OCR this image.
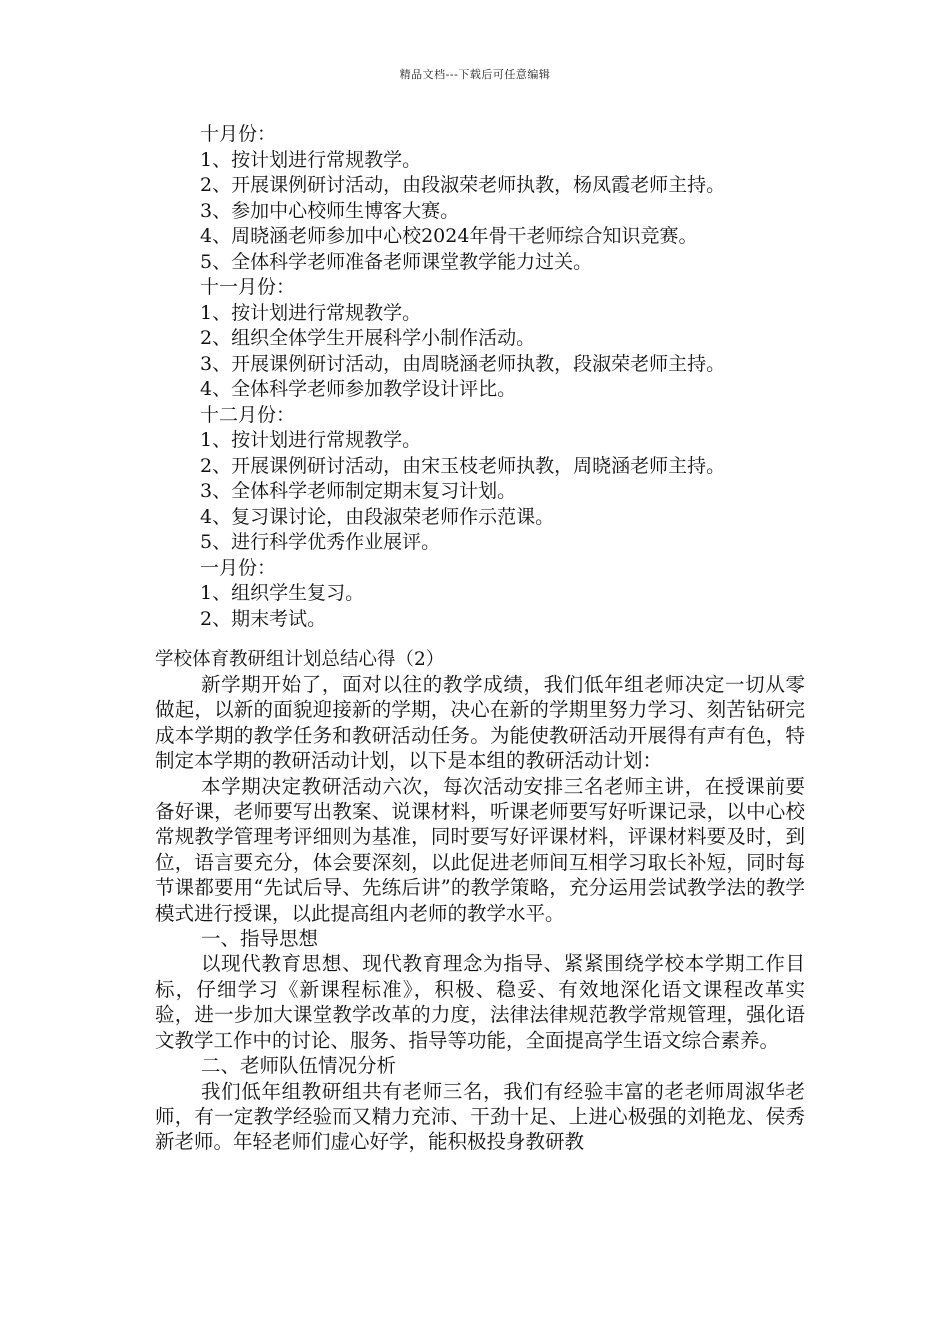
精品文档---下载后可任意编辑
十月份：
1、按计划进行常规教学。
2、开展课例研讨活动，由段淑荣老师执教，杨凤霞老师主持。
3、参加中心校师生博客大赛。
4、周晓涵老师参加中心校2024年骨干老师综合知识竞赛。
5、全体科学老师准备老师课堂教学能力过关。
十一月份：
1、按计划进行常规教学。
2、组织全体学生开展科学小制作活动。
3、开展课例研讨活动，由周晓涵老师执教，段淑荣老师主持。
4、全体科学老师参加教学设计评比。
十二月份：
1、按计划进行常规教学。
2、开展课例研讨活动，由宋玉枝老师执教，周晓涵老师主持。
3、全体科学老师制定期末复习计划。
4、复习课讨论，由段淑荣老师作示范课。
5、进行科学优秀作业展评。
一月份：
1、组织学生复习。
2、期末考试。
学校体育教研组计划总结心得（2）

新学期开始了，面对以往的教学成绩，我们低年组老师决定一切从零做起，以新的面貌迎接新的学期，决心在新的学期里努力学习、刻苦钻研完成本学期的教学任务和教研活动任务。为能使教研活动开展得有声有色，特制定本学期的教研活动计划，以下是本组的教研活动计划：

本学期决定教研活动六次，每次活动安排三名老师主讲，在授课前要备好课，老师要写出教案、说课材料，听课老师要写好听课记录，以中心校常规教学管理考评细则为基准，同时要写好评课材料，评课材料要及时，到位，语言要充分，体会要深刻，以此促进老师间互相学习取长补短，同时每节课都要用“先试后导、先练后讲”的教学策略，充分运用尝试教学法的教学模式进行授课，以此提高组内老师的教学水平。

一、指导思想

以现代教育思想、现代教育理念为指导、紧紧围绕学校本学期工作目标，仔细学习《新课程标准》，积极、稳妥、有效地深化语文课程改革实验，进一步加大课堂教学改革的力度，法律法律规范教学常规管理，强化语文教学工作中的讨论、服务、指导等功能，全面提高学生语文综合素养。

二、老师队伍情况分析

我们低年组教研组共有老师三名，我们有经验丰富的老老师周淑华老师，有一定教学经验而又精力充沛、干劲十足、上进心极强的刘艳龙、侯秀新老师。年轻老师们虚心好学，能积极投身教研教
